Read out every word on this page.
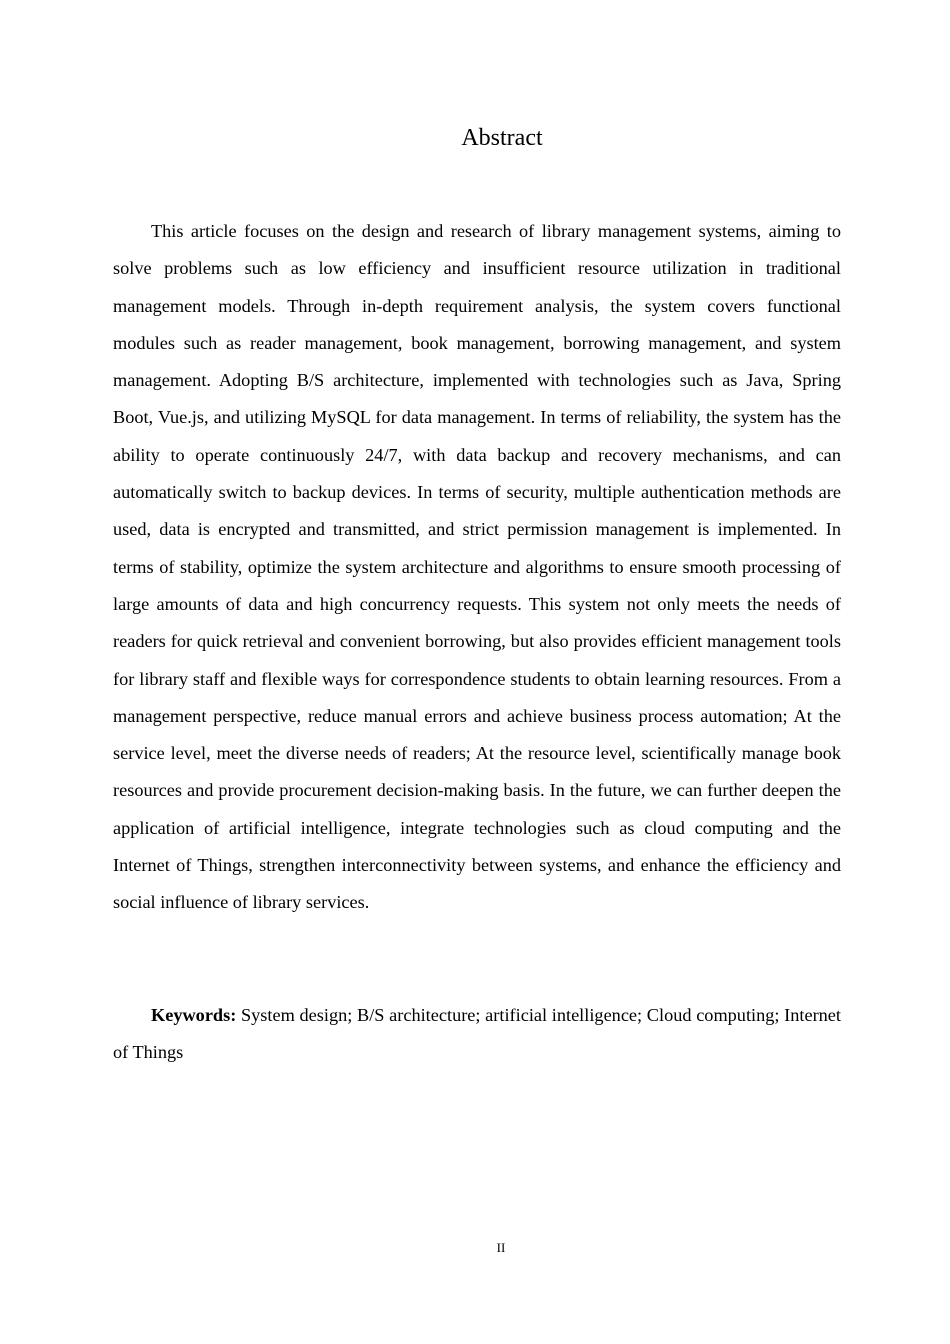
Abstract

This article focuses on the design and research of library management systems, aiming to solve problems such as low efficiency and insufficient resource utilization in traditional management models. Through in-depth requirement analysis, the system covers functional modules such as reader management, book management, borrowing management, and system management. Adopting B/S architecture, implemented with technologies such as Java, Spring Boot, Vue.js, and utilizing MySQL for data management. In terms of reliability, the system has the ability to operate continuously 24/7, with data backup and recovery mechanisms, and can automatically switch to backup devices. In terms of security, multiple authentication methods are used, data is encrypted and transmitted, and strict permission management is implemented. In terms of stability, optimize the system architecture and algorithms to ensure smooth processing of large amounts of data and high concurrency requests. This system not only meets the needs of readers for quick retrieval and convenient borrowing, but also provides efficient management tools for library staff and flexible ways for correspondence students to obtain learning resources. From a management perspective, reduce manual errors and achieve business process automation; At the service level, meet the diverse needs of readers; At the resource level, scientifically manage book resources and provide procurement decision-making basis. In the future, we can further deepen the application of artificial intelligence, integrate technologies such as cloud computing and the Internet of Things, strengthen interconnectivity between systems, and enhance the efficiency and social influence of library services.

Keywords: System design; B/S architecture; artificial intelligence; Cloud computing; Internet of Things

II
